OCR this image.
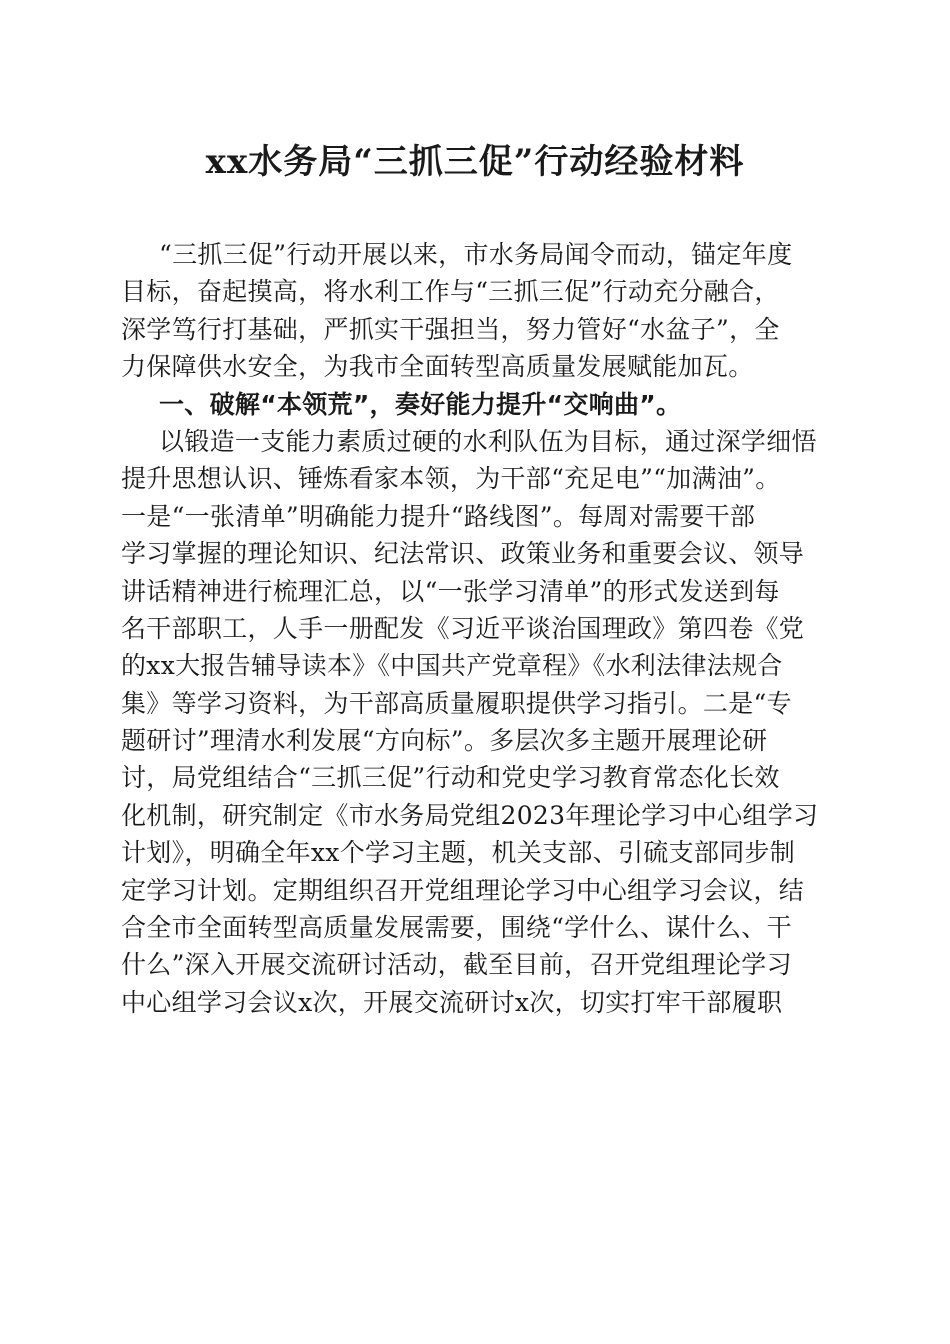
xx水务局“三抓三促”行动经验材料
“三抓三促”行动开展以来，市水务局闻令而动，锚定年度
目标，奋起摸高，将水利工作与“三抓三促”行动充分融合，
深学笃行打基础，严抓实干强担当，努力管好“水盆子”，全
力保障供水安全，为我市全面转型高质量发展赋能加瓦。
一、破解“本领荒”，奏好能力提升“交响曲”。
以锻造一支能力素质过硬的水利队伍为目标，通过深学细悟
提升思想认识、锤炼看家本领，为干部“充足电”“加满油”。
一是“一张清单”明确能力提升“路线图”。每周对需要干部
学习掌握的理论知识、纪法常识、政策业务和重要会议、领导
讲话精神进行梳理汇总，以“一张学习清单”的形式发送到每
名干部职工，人手一册配发《习近平谈治国理政》第四卷《党
的xx大报告辅导读本》《中国共产党章程》《水利法律法规合
集》等学习资料，为干部高质量履职提供学习指引。二是“专
题研讨”理清水利发展“方向标”。多层次多主题开展理论研
讨，局党组结合“三抓三促”行动和党史学习教育常态化长效
化机制，研究制定《市水务局党组2023年理论学习中心组学习
计划》，明确全年xx个学习主题，机关支部、引硫支部同步制
定学习计划。定期组织召开党组理论学习中心组学习会议，结
合全市全面转型高质量发展需要，围绕“学什么、谋什么、干
什么”深入开展交流研讨活动，截至目前，召开党组理论学习
中心组学习会议x次，开展交流研讨x次，切实打牢干部履职
